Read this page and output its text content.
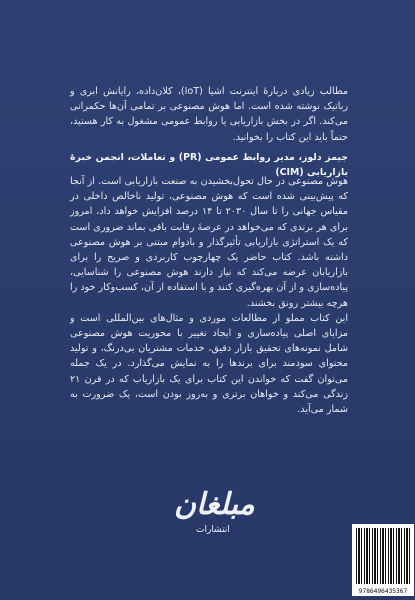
مطالب زیادی دربارهٔ اینترنت اشیا (IoT)، کلان‌داده، رایانش ابری و رباتیک نوشته شده است. اما هوش مصنوعی بر تمامی آن‌ها حکمرانی می‌کند. اگر در بخش بازاریابی یا روابط عمومی مشغول به کار هستید، حتماً باید این کتاب را بخوانید.

جیمز دلوز، مدیر روابط عمومی (PR) و تعاملات، انجمن خبرهٔ بازاریابی (CIM)

هوش مصنوعی در حال تحول‌بخشیدن به صنعت بازاریابی است. از آنجا که پیش‌بینی شده است که هوش مصنوعی، تولید ناخالص داخلی در مقیاس جهانی را تا سال ۲۰۳۰ تا ۱۴ درصد افزایش خواهد داد، امروز برای هر برندی که می‌خواهد در عرصهٔ رقابت باقی بماند ضروری است که یک استراتژی بازاریابی تأثیرگذار و بادوام مبتنی بر هوش مصنوعی داشته باشد. کتاب حاضر یک چهارچوب کاربردی و صریح را برای بازاریابان عرضه می‌کند که نیاز دارند هوش مصنوعی را شناسایی، پیاده‌سازی و از آن بهره‌گیری کنند و با استفاده از آن، کسب‌وکار خود را هرچه بیشتر رونق بخشند.

این کتاب مملو از مطالعات موردی و مثال‌های بین‌المللی است و مزایای اصلی پیاده‌سازی و ایجاد تغییر با محوریت هوش مصنوعی شامل نمونه‌های تحقیق بازار دقیق، خدمات مشتریان بی‌درنگ، و تولید محتوای سودمند برای برندها را به نمایش می‌گذارد. در یک جمله می‌توان گفت که خواندن این کتاب برای یک بازاریاب که در قرن ۲۱ زندگی می‌کند و خواهان برتری و به‌روز بودن است، یک ضرورت به شمار می‌آید.

مبلغان
انتشارات
9786496435367
